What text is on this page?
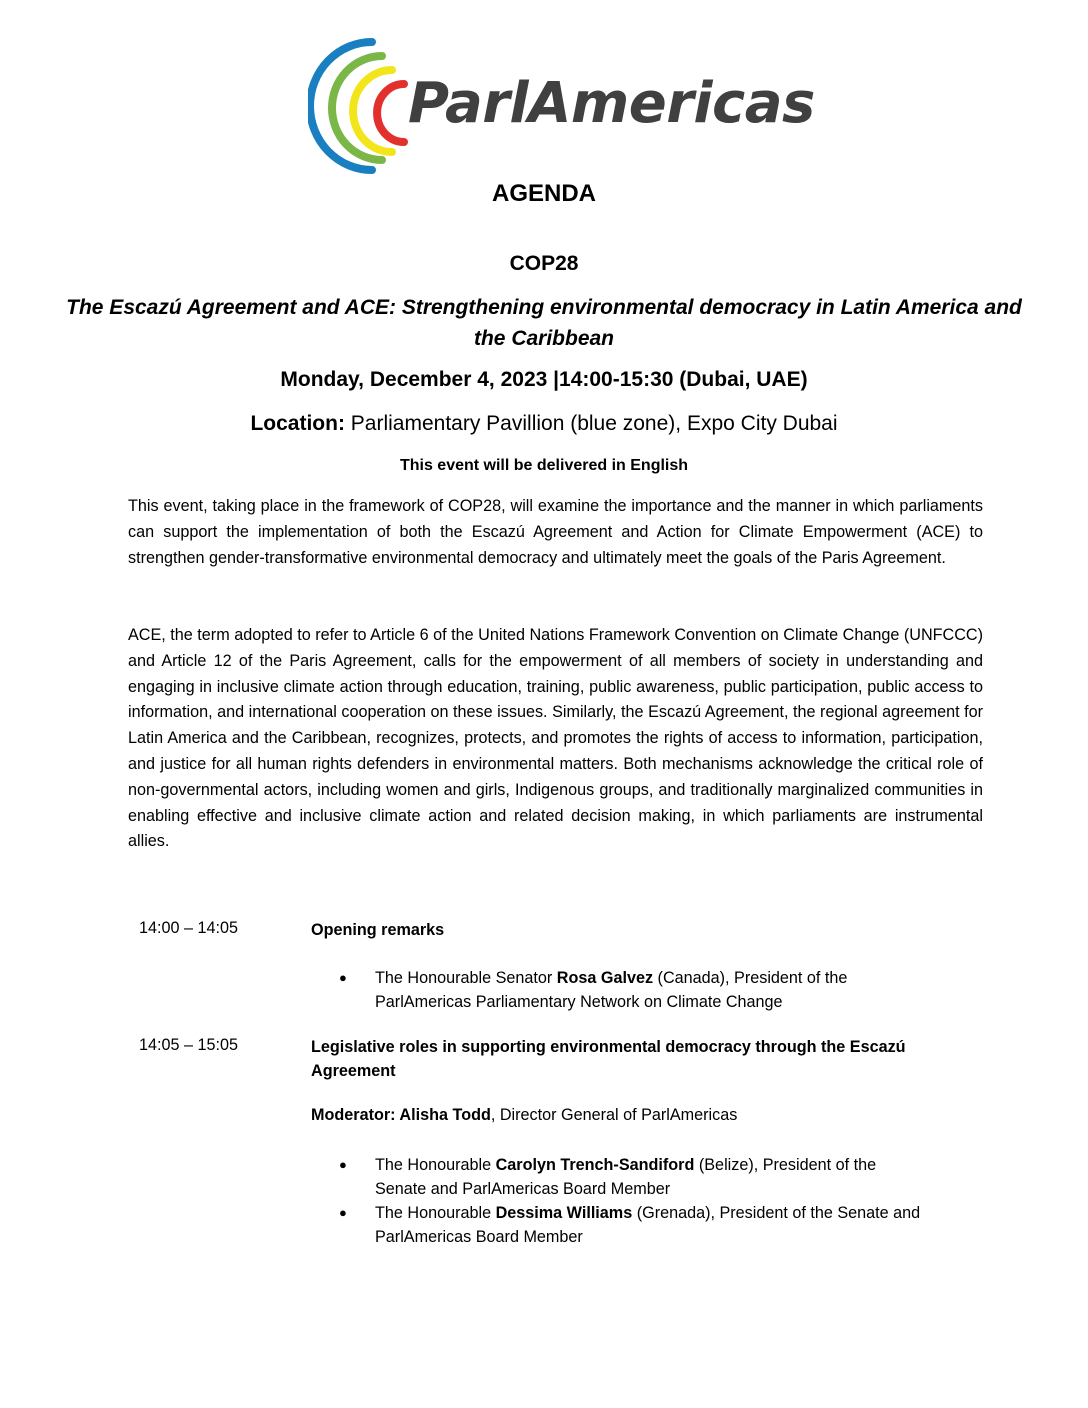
ParlAmericas
AGENDA
COP28
The Escazú Agreement and ACE: Strengthening environmental democracy in Latin America and the Caribbean
Monday, December 4, 2023 |14:00-15:30 (Dubai, UAE)
Location: Parliamentary Pavillion (blue zone), Expo City Dubai
This event will be delivered in English
This event, taking place in the framework of COP28, will examine the importance and the manner in which parliaments can support the implementation of both the Escazú Agreement and Action for Climate Empowerment (ACE) to strengthen gender-transformative environmental democracy and ultimately meet the goals of the Paris Agreement.
ACE, the term adopted to refer to Article 6 of the United Nations Framework Convention on Climate Change (UNFCCC) and Article 12 of the Paris Agreement, calls for the empowerment of all members of society in understanding and engaging in inclusive climate action through education, training, public awareness, public participation, public access to information, and international cooperation on these issues. Similarly, the Escazú Agreement, the regional agreement for Latin America and the Caribbean, recognizes, protects, and promotes the rights of access to information, participation, and justice for all human rights defenders in environmental matters. Both mechanisms acknowledge the critical role of non-governmental actors, including women and girls, Indigenous groups, and traditionally marginalized communities in enabling effective and inclusive climate action and related decision making, in which parliaments are instrumental allies.
14:00 – 14:05	Opening remarks
● The Honourable Senator Rosa Galvez (Canada), President of the ParlAmericas Parliamentary Network on Climate Change
14:05 – 15:05	Legislative roles in supporting environmental democracy through the Escazú Agreement
Moderator: Alisha Todd, Director General of ParlAmericas
● The Honourable Carolyn Trench-Sandiford (Belize), President of the Senate and ParlAmericas Board Member
● The Honourable Dessima Williams (Grenada), President of the Senate and ParlAmericas Board Member
